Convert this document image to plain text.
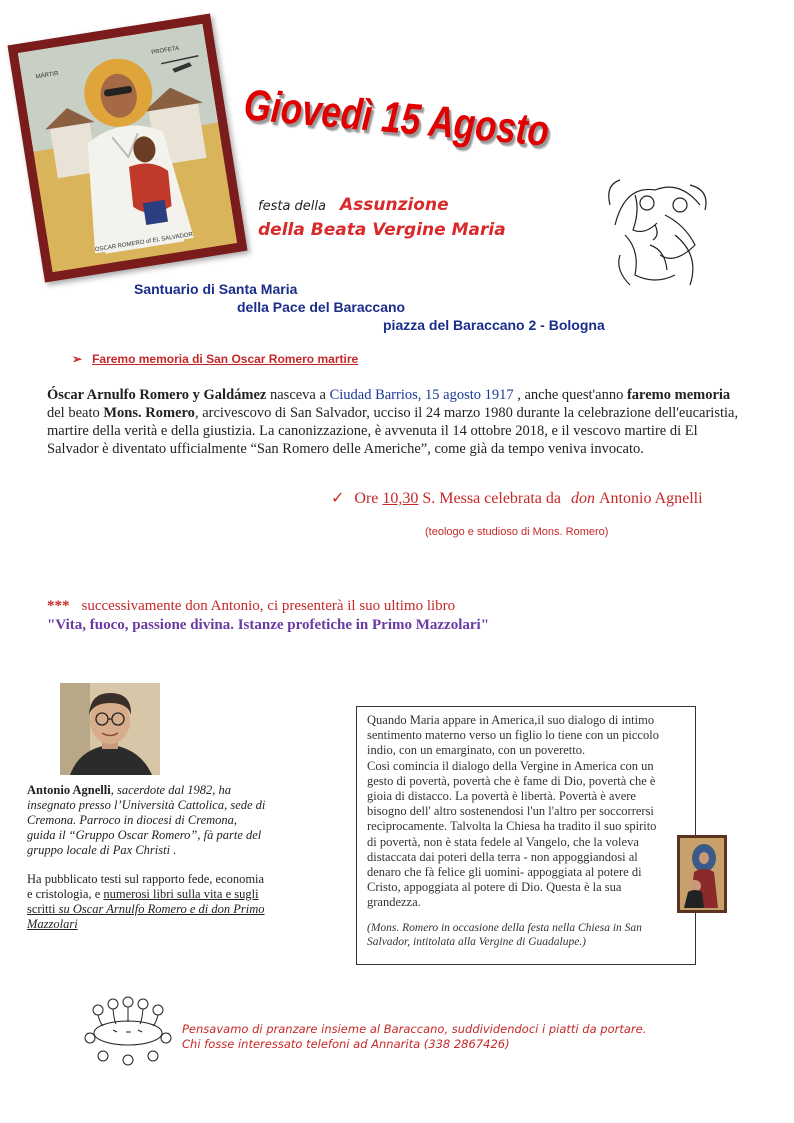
OSCAR ROMERO of EL SALVADOR
MÁRTIR
PROFETA
Giovedì 15 Agosto
festa della Assunzione
della Beata Vergine Maria
Santuario di Santa Maria
della Pace del Baraccano
piazza del Baraccano 2 - Bologna
➢ Faremo memoria di San Oscar Romero martire
Óscar Arnulfo Romero y Galdámez nasceva a Ciudad Barrios, 15 agosto 1917 , anche quest'anno faremo memoria del beato Mons. Romero, arcivescovo di San Salvador, ucciso il 24 marzo 1980 durante la celebrazione dell'eucaristia, martire della verità e della giustizia. La canonizzazione, è avvenuta il 14 ottobre 2018, e il vescovo martire di El Salvador è diventato ufficialmente “San Romero delle Americhe”, come già da tempo veniva invocato.
✓ Ore 10,30 S. Messa celebrata da don Antonio Agnelli
(teologo e studioso di Mons. Romero)
*** successivamente don Antonio, ci presenterà il suo ultimo libro
"Vita, fuoco, passione divina. Istanze profetiche in Primo Mazzolari"

Antonio Agnelli, sacerdote dal 1982, ha insegnato presso l’Università Cattolica, sede di Cremona. Parroco in diocesi di Cremona, guida il “Gruppo Oscar Romero”, fà parte del gruppo locale di Pax Christi .

Ha pubblicato testi sul rapporto fede, economia e cristologia, e numerosi libri sulla vita e sugli scritti su Oscar Arnulfo Romero e di don Primo Mazzolari

Quando Maria appare in America,il suo dialogo di intimo
sentimento materno verso un figlio lo tiene con un piccolo
indio, con un emarginato, con un poveretto.
Così comincia il dialogo della Vergine in America con un
gesto di povertà, povertà che è fame di Dio, povertà che è
gioia di distacco. La povertà è libertà. Povertà è avere
bisogno dell' altro sostenendosi l'un l'altro per soccorrersi
reciprocamente. Talvolta la Chiesa ha tradito il suo spirito
di povertà, non è stata fedele al Vangelo, che la voleva
distaccata dai poteri della terra - non appoggiandosi al
denaro che fà felice gli uomini- appoggiata al potere di
Cristo, appoggiata al potere di Dio. Questa è la sua
grandezza.
(Mons. Romero in occasione della festa nella Chiesa in San Salvador, intitolata alla Vergine di Guadalupe.)
Pensavamo di pranzare insieme al Baraccano, suddividendoci i piatti da portare.
Chi fosse interessato telefoni ad Annarita (338 2867426)
